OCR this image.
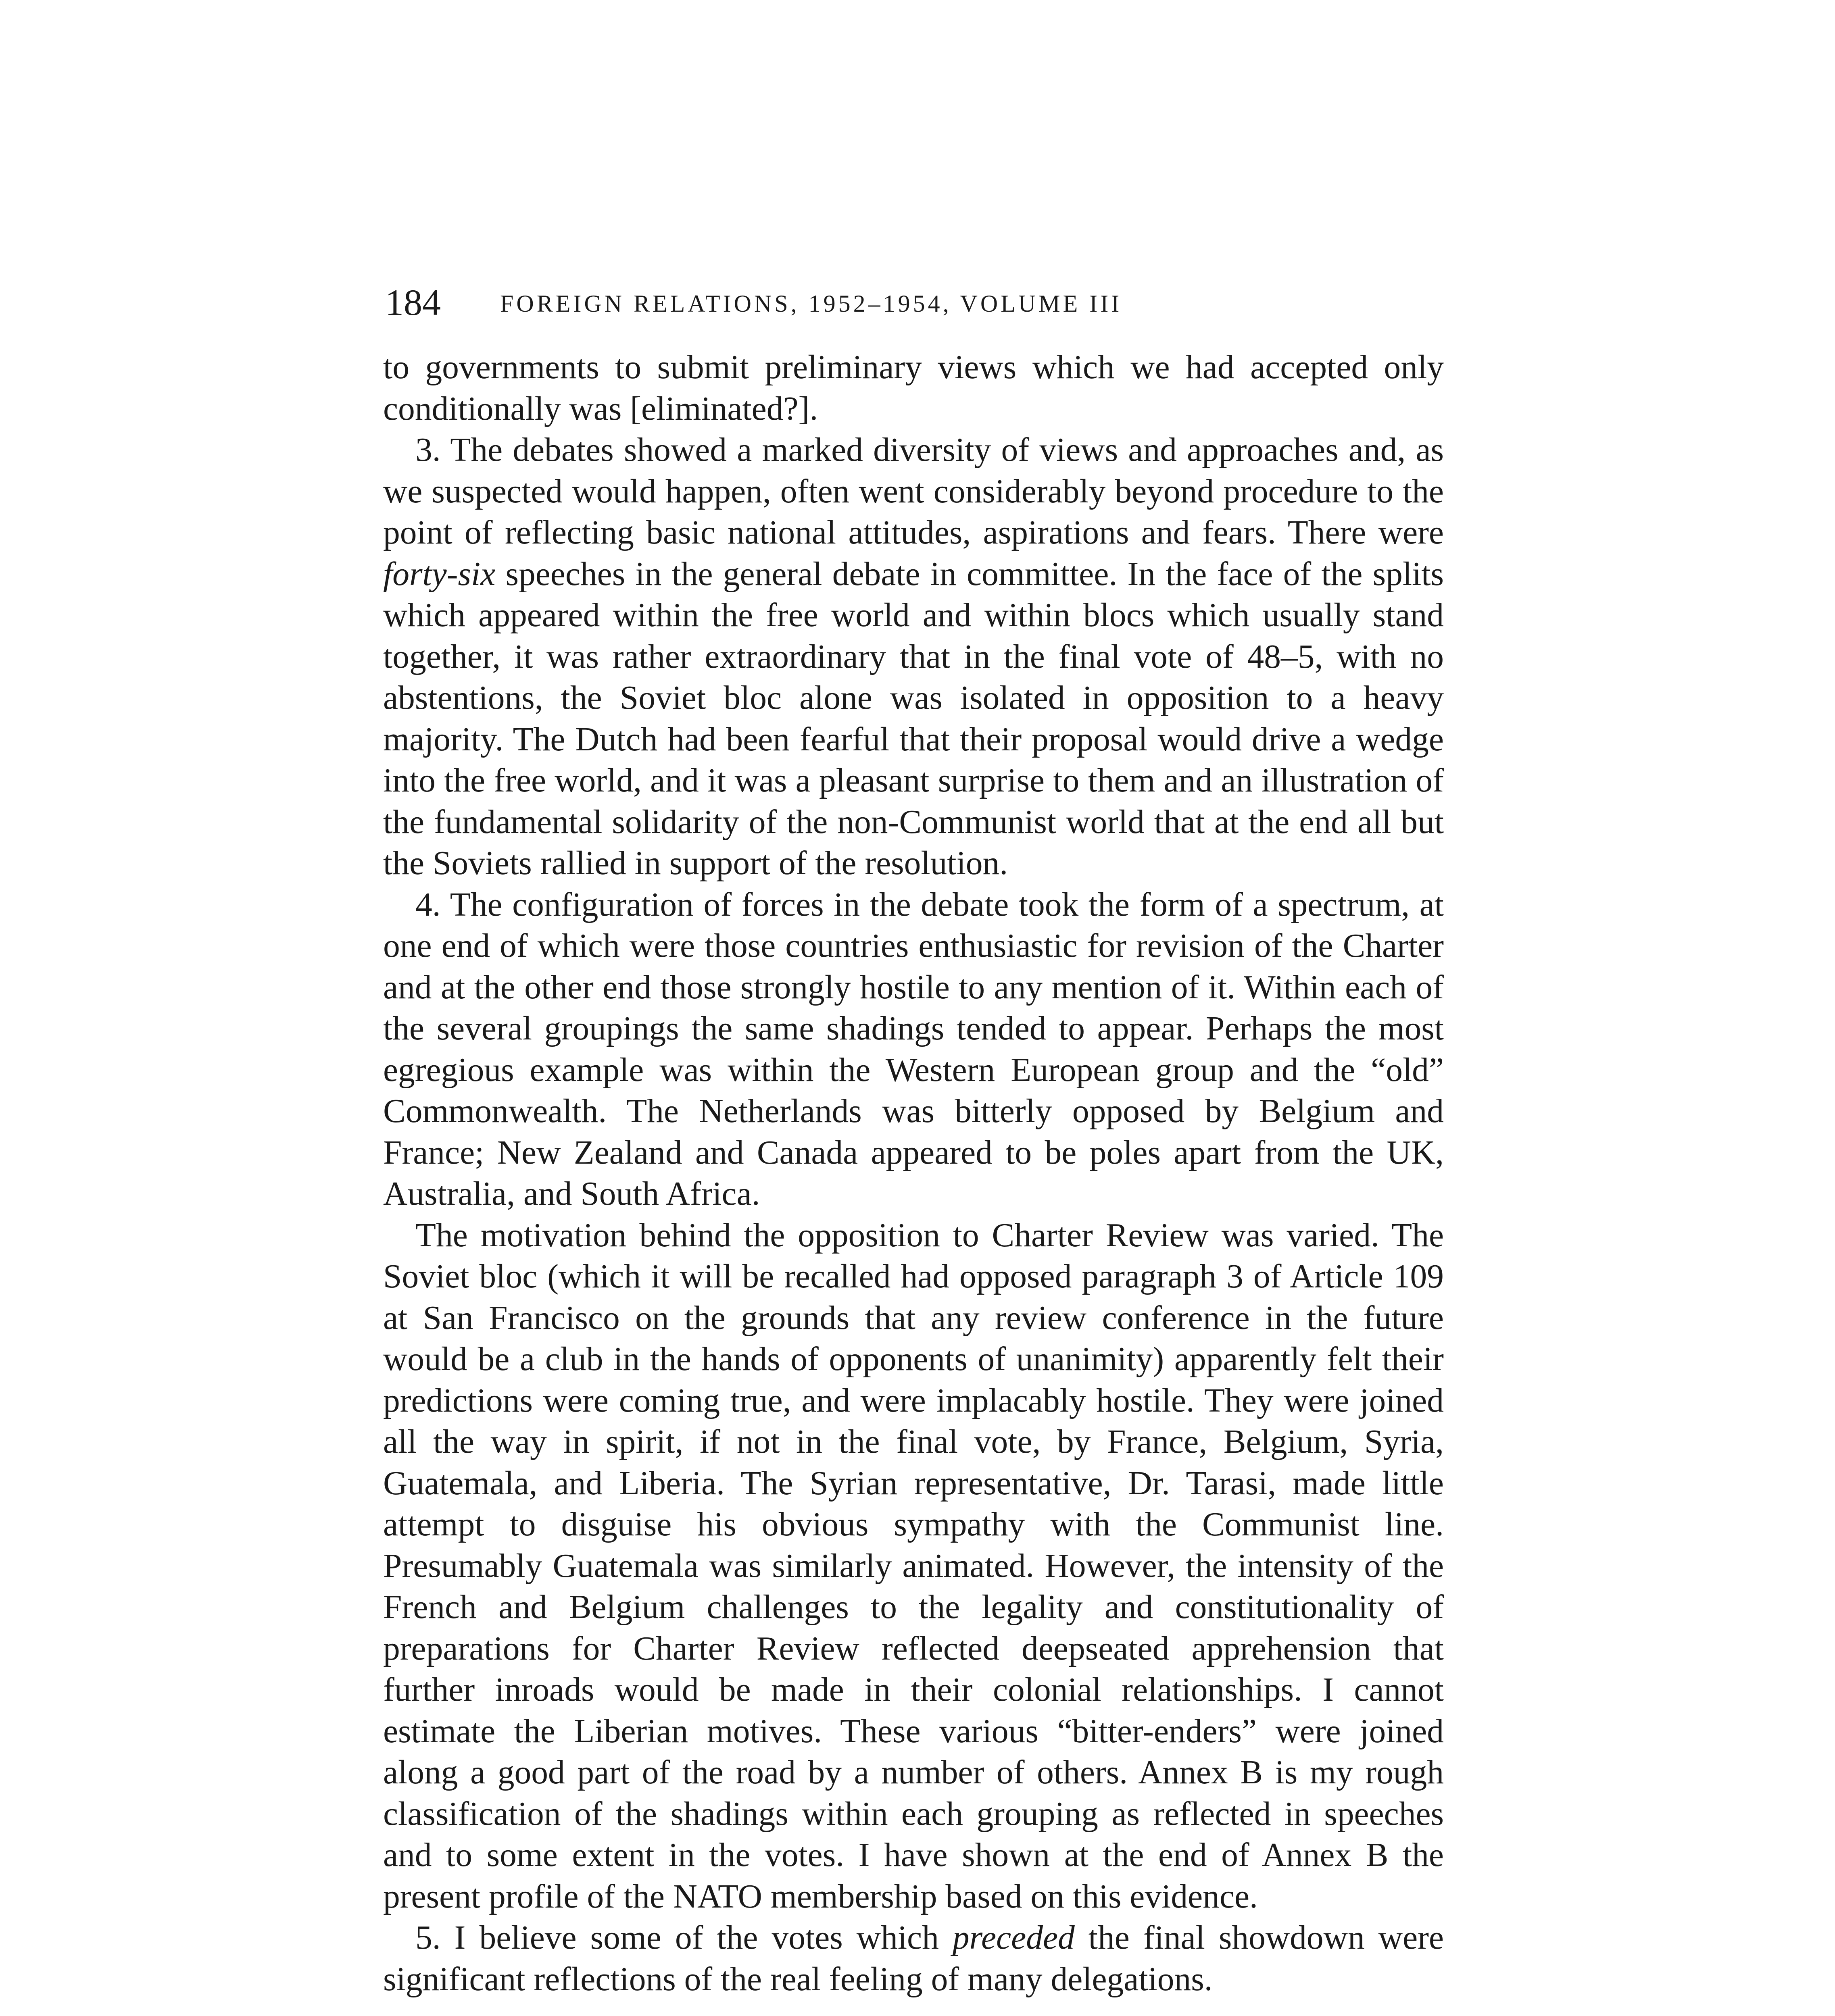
184 FOREIGN RELATIONS, 1952–1954, VOLUME III

to governments to submit preliminary views which we had accepted only conditionally was [eliminated?].

3. The debates showed a marked diversity of views and approaches and, as we suspected would happen, often went considerably beyond procedure to the point of reflecting basic national attitudes, aspirations and fears. There were forty-six speeches in the general debate in committee. In the face of the splits which appeared within the free world and within blocs which usually stand together, it was rather extraordinary that in the final vote of 48–5, with no abstentions, the Soviet bloc alone was isolated in opposition to a heavy majority. The Dutch had been fearful that their proposal would drive a wedge into the free world, and it was a pleasant surprise to them and an illustration of the fundamental solidarity of the non-Communist world that at the end all but the Soviets rallied in support of the resolution.

4. The configuration of forces in the debate took the form of a spectrum, at one end of which were those countries enthusiastic for revision of the Charter and at the other end those strongly hostile to any mention of it. Within each of the several groupings the same shadings tended to appear. Perhaps the most egregious example was within the Western European group and the “old” Commonwealth. The Netherlands was bitterly opposed by Belgium and France; New Zealand and Canada appeared to be poles apart from the UK, Australia, and South Africa.

The motivation behind the opposition to Charter Review was varied. The Soviet bloc (which it will be recalled had opposed paragraph 3 of Article 109 at San Francisco on the grounds that any review conference in the future would be a club in the hands of opponents of unanimity) apparently felt their predictions were coming true, and were implacably hostile. They were joined all the way in spirit, if not in the final vote, by France, Belgium, Syria, Guatemala, and Liberia. The Syrian representative, Dr. Tarasi, made little attempt to disguise his obvious sympathy with the Communist line. Presumably Guatemala was similarly animated. However, the intensity of the French and Belgium challenges to the legality and constitutionality of preparations for Charter Review reflected deepseated apprehension that further inroads would be made in their colonial relationships. I cannot estimate the Liberian motives. These various “bitter-enders” were joined along a good part of the road by a number of others. Annex B is my rough classification of the shadings within each grouping as reflected in speeches and to some extent in the votes. I have shown at the end of Annex B the present profile of the NATO membership based on this evidence.

5. I believe some of the votes which preceded the final showdown were significant reflections of the real feeling of many delegations.
